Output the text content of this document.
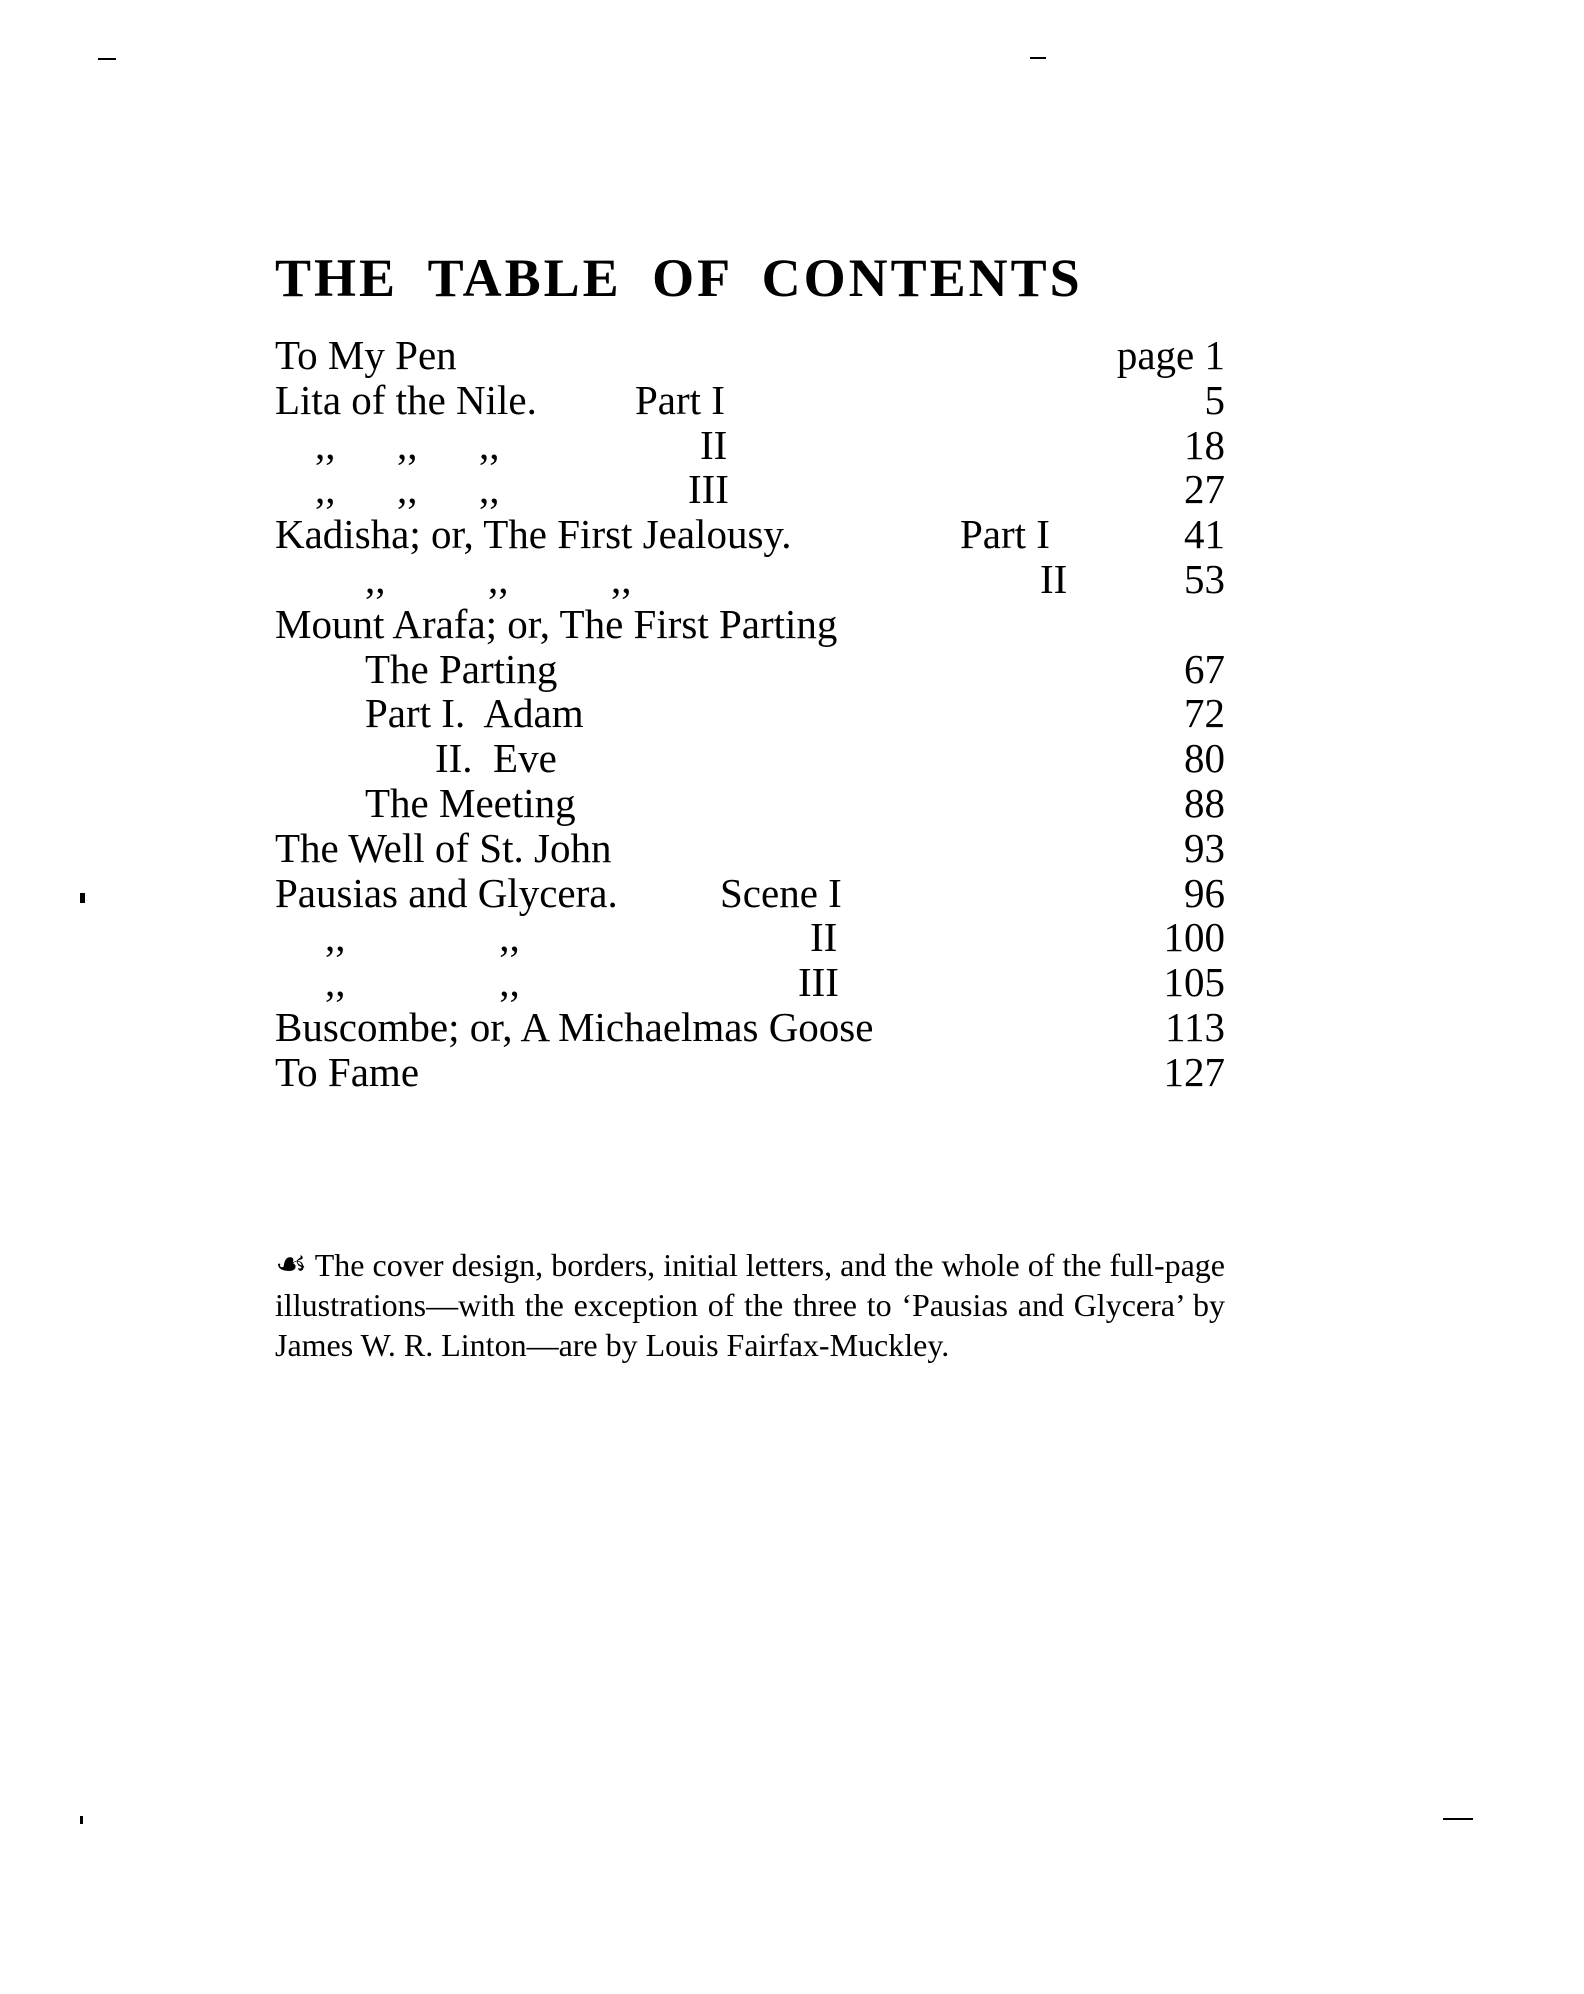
THE TABLE OF CONTENTS
To My Pen	page 1
Lita of the Nile. Part I	5
,,      ,,      ,,	II	18
,,      ,,      ,,	III	27
Kadisha; or, The First Jealousy.	Part I	41
,,          ,,          ,,	II	53
Mount Arafa; or, The First Parting
The Parting	67
Part I.  Adam	72
II.  Eve	80
The Meeting	88
The Well of St. John	93
Pausias and Glycera. Scene I	96
,,               ,,	II	100
,,               ,,	III	105
Buscombe; or, A Michaelmas Goose	113
To Fame	127

☙ The cover design, borders, initial letters, and the whole of the full-page illustrations—with the exception of the three to ‘Pausias and Glycera’ by James W. R. Linton—are by Louis Fairfax-Muckley.
